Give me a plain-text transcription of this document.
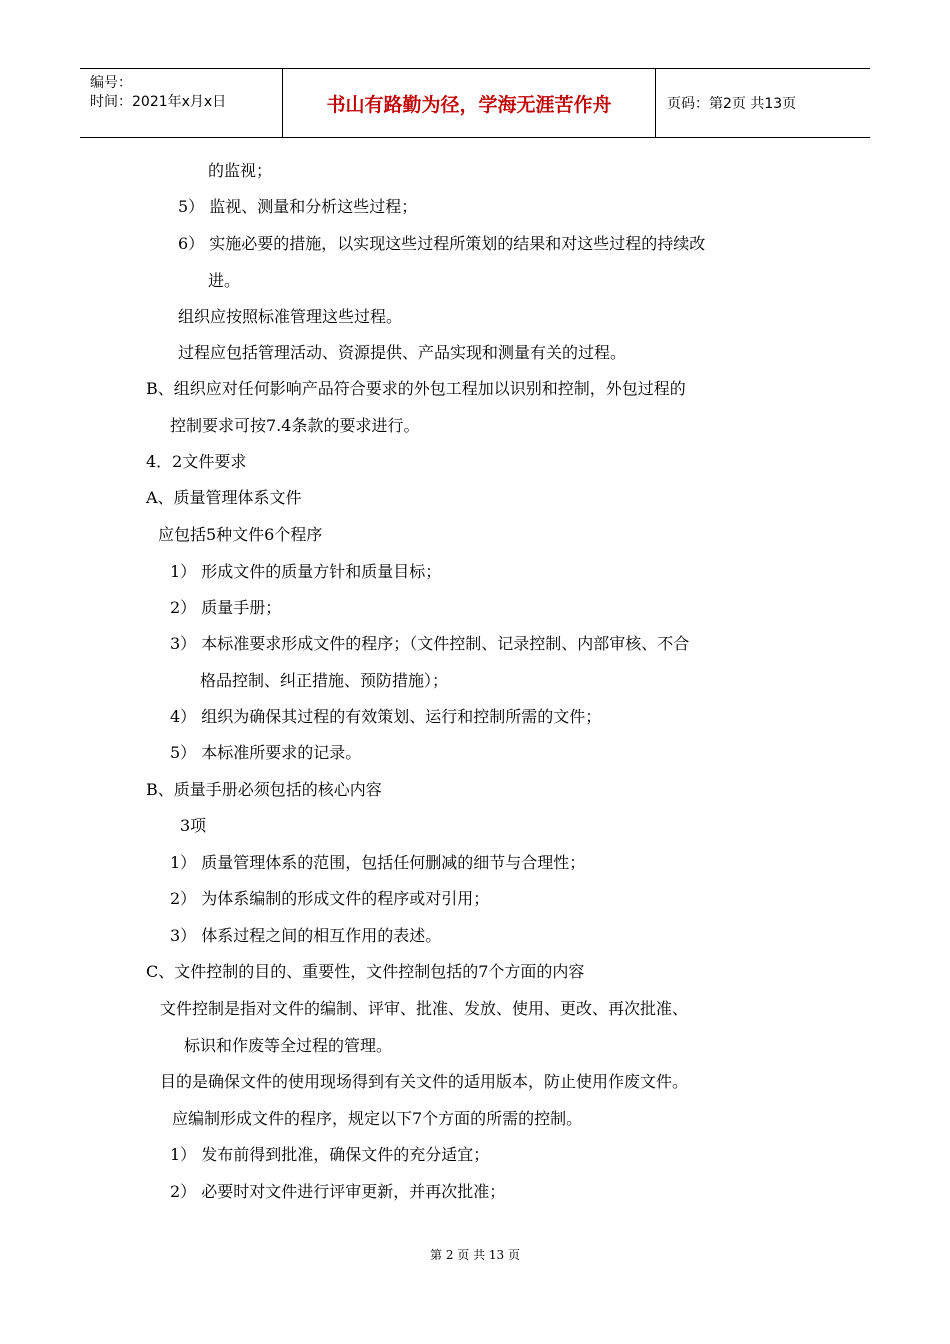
编号：
时间：2021年x月x日	书山有路勤为径，学海无涯苦作舟	页码：第2页 共13页
的监视；
5） 监视、测量和分析这些过程；
6） 实施必要的措施，以实现这些过程所策划的结果和对这些过程的持续改
进。
组织应按照标准管理这些过程。
过程应包括管理活动、资源提供、产品实现和测量有关的过程。
B、组织应对任何影响产品符合要求的外包工程加以识别和控制，外包过程的
控制要求可按7.4条款的要求进行。
4．2文件要求
A、质量管理体系文件
应包括5种文件6个程序
1） 形成文件的质量方针和质量目标；
2） 质量手册；
3） 本标准要求形成文件的程序；（文件控制、记录控制、内部审核、不合
格品控制、纠正措施、预防措施）；
4） 组织为确保其过程的有效策划、运行和控制所需的文件；
5） 本标准所要求的记录。
B、质量手册必须包括的核心内容
3项
1） 质量管理体系的范围，包括任何删减的细节与合理性；
2） 为体系编制的形成文件的程序或对引用；
3） 体系过程之间的相互作用的表述。
C、文件控制的目的、重要性，文件控制包括的7个方面的内容
文件控制是指对文件的编制、评审、批准、发放、使用、更改、再次批准、
标识和作废等全过程的管理。
目的是确保文件的使用现场得到有关文件的适用版本，防止使用作废文件。
应编制形成文件的程序，规定以下7个方面的所需的控制。
1） 发布前得到批准，确保文件的充分适宜；
2） 必要时对文件进行评审更新，并再次批准；
第 2 页 共 13 页
